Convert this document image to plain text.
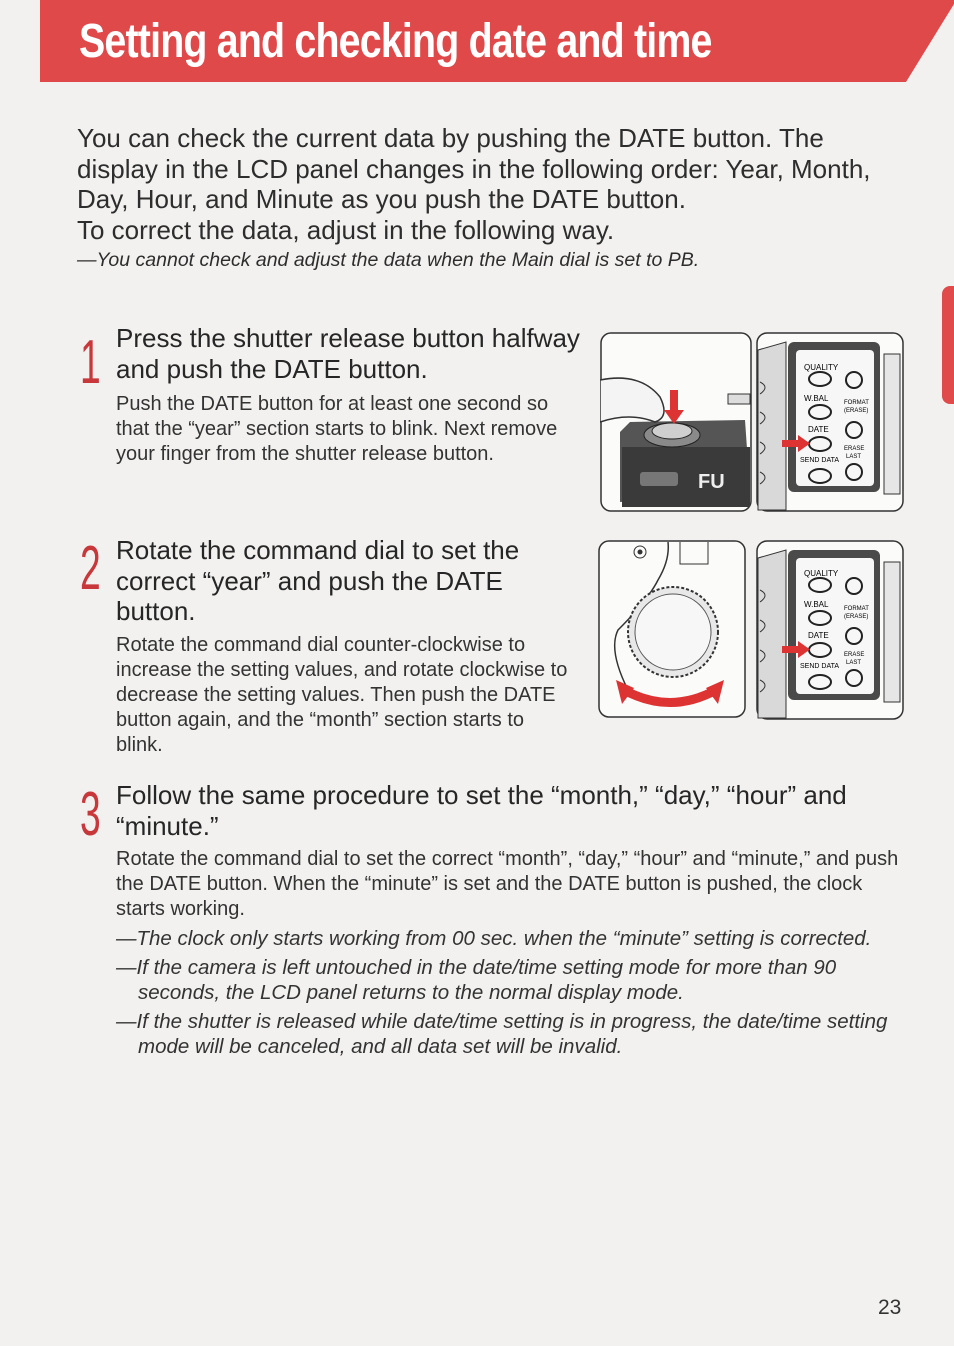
Setting and checking date and time

You can check the current data by pushing the DATE button. The display in the LCD panel changes in the following order: Year, Month, Day, Hour, and Minute as you push the DATE button.

To correct the data, adjust in the following way.

—You cannot check and adjust the data when the Main dial is set to PB.

1 Press the shutter release button halfway and push the DATE button.
Push the DATE button for at least one second so that the “year” section starts to blink. Next remove your finger from the shutter release button.
FU
QUALITY
W.BAL
DATE
SEND DATA
FORMAT
(ERASE)
ERASE
LAST
2 Rotate the command dial to set the correct “year” and push the DATE button.
Rotate the command dial counter-clockwise to increase the setting values, and rotate clockwise to decrease the setting values. Then push the DATE button again, and the “month” section starts to blink.
QUALITY
W.BAL
DATE
SEND DATA
FORMAT
(ERASE)
ERASE
LAST
3 Follow the same procedure to set the “month,” “day,” “hour” and “minute.”
Rotate the command dial to set the correct “month”, “day,” “hour” and “minute,” and push the DATE button. When the “minute” is set and the DATE button is pushed, the clock starts working.
—The clock only starts working from 00 sec. when the “minute” setting is corrected.
—If the camera is left untouched in the date/time setting mode for more than 90 seconds, the LCD panel returns to the normal display mode.
—If the shutter is released while date/time setting is in progress, the date/time setting mode will be canceled, and all data set will be invalid.
23
